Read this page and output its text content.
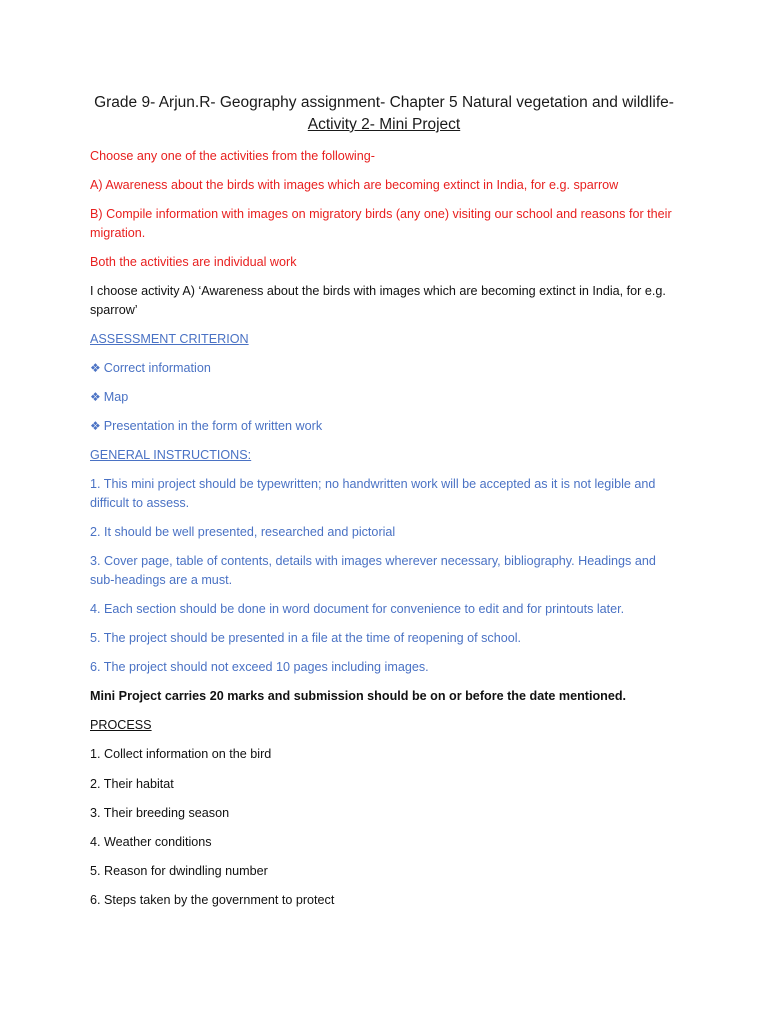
Grade 9- Arjun.R- Geography assignment- Chapter 5 Natural vegetation and wildlife-
Activity 2- Mini Project
Choose any one of the activities from the following-
A) Awareness about the birds with images which are becoming extinct in India, for e.g. sparrow
B) Compile information with images on migratory birds (any one) visiting our school and reasons for their migration.
Both the activities are individual work
I choose activity A) ‘Awareness about the birds with images which are becoming extinct in India, for e.g. sparrow’
ASSESSMENT CRITERION
❖ Correct information
❖ Map
❖ Presentation in the form of written work
GENERAL INSTRUCTIONS:
1. This mini project should be typewritten; no handwritten work will be accepted as it is not legible and difficult to assess.
2. It should be well presented, researched and pictorial
3. Cover page, table of contents, details with images wherever necessary, bibliography. Headings and sub-headings are a must.
4. Each section should be done in word document for convenience to edit and for printouts later.
5. The project should be presented in a file at the time of reopening of school.
6. The project should not exceed 10 pages including images.
Mini Project carries 20 marks and submission should be on or before the date mentioned.
PROCESS
1. Collect information on the bird
2. Their habitat
3. Their breeding season
4. Weather conditions
5. Reason for dwindling number
6. Steps taken by the government to protect
